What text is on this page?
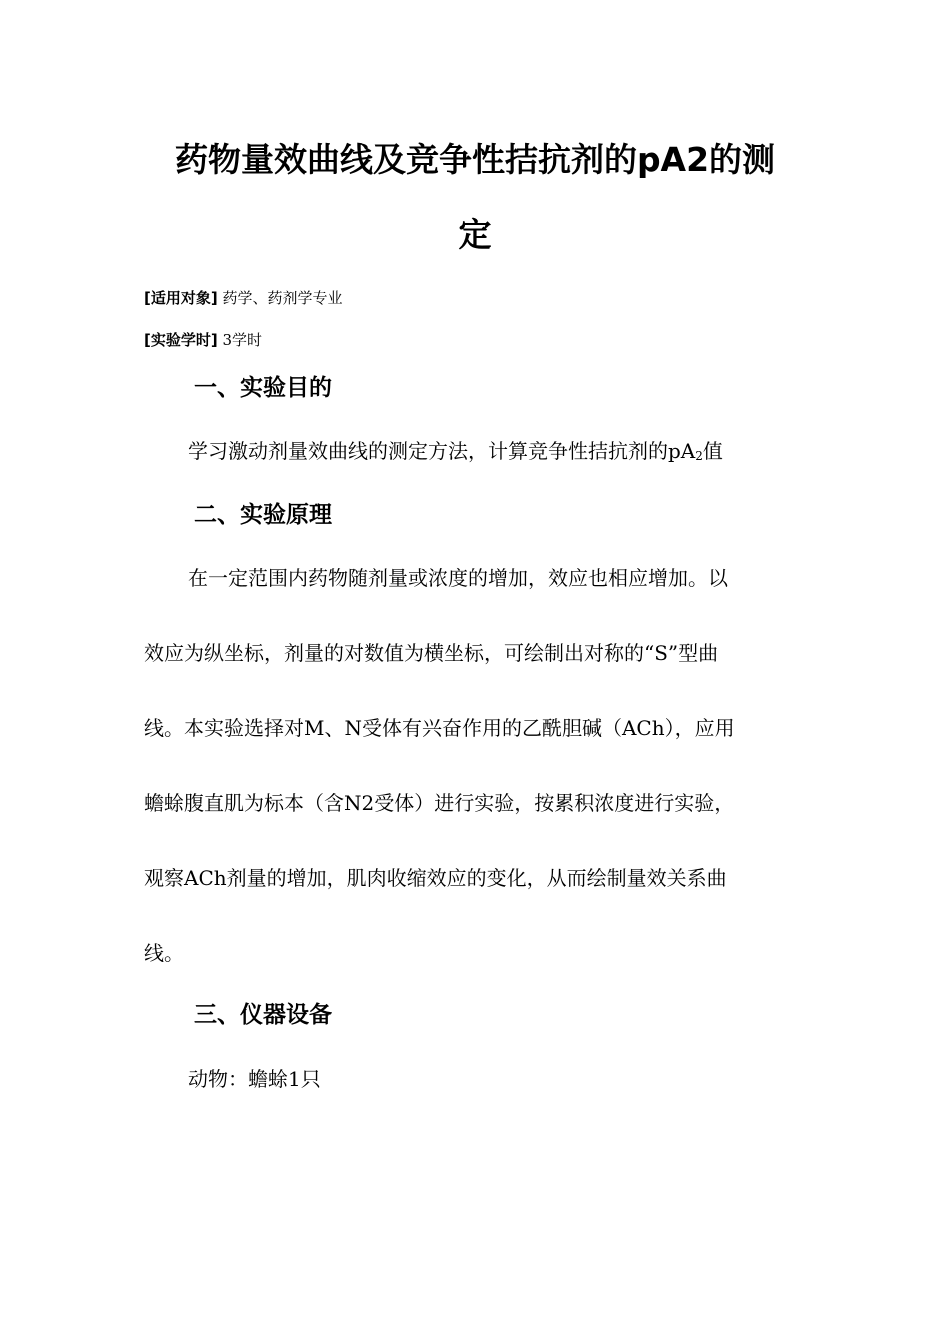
药物量效曲线及竞争性拮抗剂的pA2的测
定
[适用对象] 药学、药剂学专业
[实验学时] 3学时
一、实验目的
学习激动剂量效曲线的测定方法，计算竞争性拮抗剂的$pA_2$值
二、实验原理
在一定范围内药物随剂量或浓度的增加，效应也相应增加。以
效应为纵坐标，剂量的对数值为横坐标，可绘制出对称的“S”型曲
线。本实验选择对M、N受体有兴奋作用的乙酰胆碱（ACh），应用
蟾蜍腹直肌为标本（含N2受体）进行实验，按累积浓度进行实验，
观察ACh剂量的增加，肌肉收缩效应的变化，从而绘制量效关系曲
线。
三、仪器设备
动物：蟾蜍1只
